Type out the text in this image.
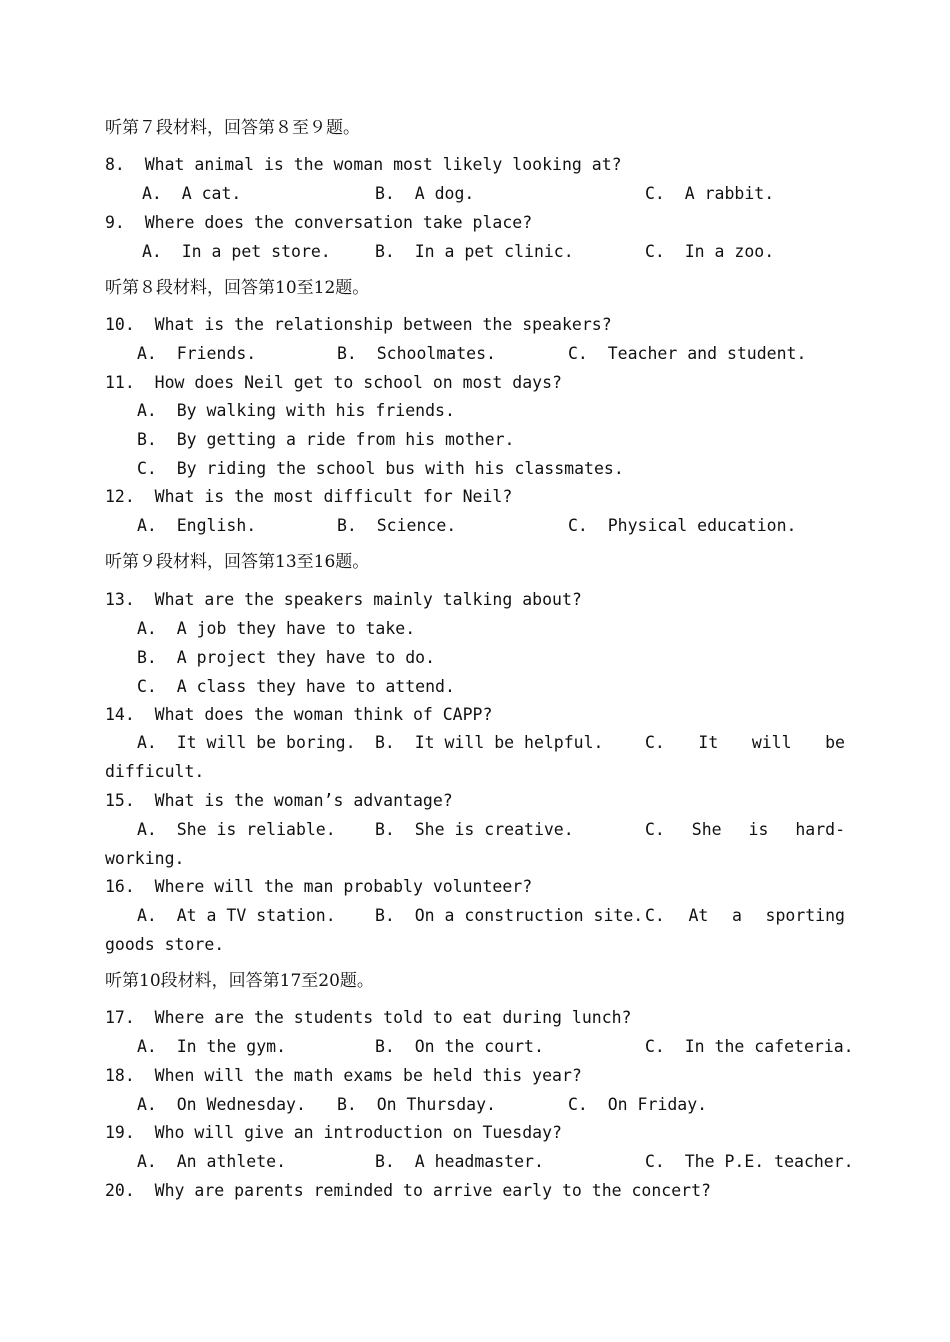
听第７段材料，回答第８至９题。
8.  What animal is the woman most likely looking at?
A.  A cat.	B.  A dog.	C.  A rabbit.
9.  Where does the conversation take place?
A.  In a pet store.	B.  In a pet clinic.	C.  In a zoo.
听第８段材料，回答第10至12题。
10.  What is the relationship between the speakers?
A.  Friends.	B.  Schoolmates.	C.  Teacher and student.
11.  How does Neil get to school on most days?
A.  By walking with his friends.
B.  By getting a ride from his mother.
C.  By riding the school bus with his classmates.
12.  What is the most difficult for Neil?
A.  English.	B.  Science.	C.  Physical education.
听第９段材料，回答第13至16题。
13.  What are the speakers mainly talking about?
A.  A job they have to take.
B.  A project they have to do.
C.  A class they have to attend.
14.  What does the woman think of CAPP?
A.  It will be boring. B.  It will be helpful.	C. It will be
difficult.
15.  What is the woman’s advantage?
A.  She is reliable. B.  She is creative.	C. She is hard-
working.
16.  Where will the man probably volunteer?
A.  At a TV station. B.  On a construction site. C. At a sporting
goods store.
听第10段材料，回答第17至20题。
17.  Where are the students told to eat during lunch?
A.  In the gym.	B.  On the court.	C.  In the cafeteria.
18.  When will the math exams be held this year?
A.  On Wednesday. B.  On Thursday.	C.  On Friday.
19.  Who will give an introduction on Tuesday?
A.  An athlete.	B.  A headmaster.	C.  The P.E. teacher.
20.  Why are parents reminded to arrive early to the concert?
